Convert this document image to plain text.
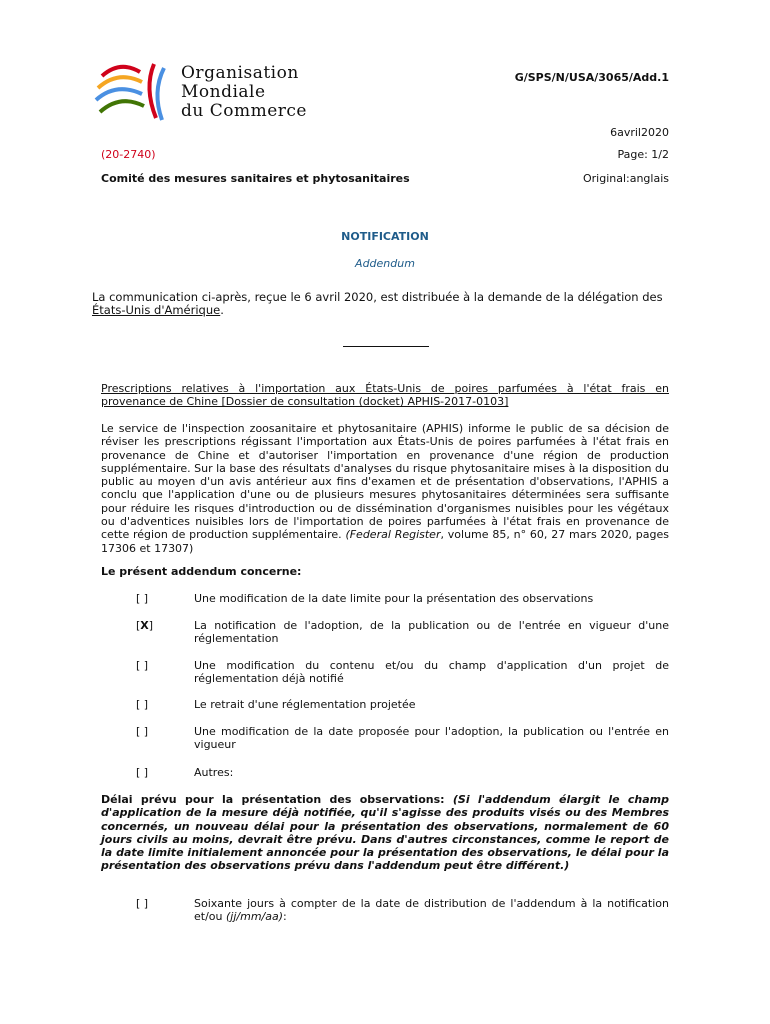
Organisation
Mondiale
du Commerce
G/SPS/N/USA/3065/Add.1
6avril2020
(20-2740)	Page: 1/2
Comité des mesures sanitaires et phytosanitaires	Original:anglais
NOTIFICATION
Addendum
La communication ci-après, reçue le 6 avril 2020, est distribuée à la demande de la délégation des
États-Unis d'Amérique.
Prescriptions relatives à l'importation aux États-Unis de poires parfumées à l'état frais en
provenance de Chine [Dossier de consultation (docket) APHIS-2017-0103]
Le service de l'inspection zoosanitaire et phytosanitaire (APHIS) informe le public de sa décision de réviser les prescriptions régissant l'importation aux États-Unis de poires parfumées à l'état frais en provenance de Chine et d'autoriser l'importation en provenance d'une région de production supplémentaire. Sur la base des résultats d'analyses du risque phytosanitaire mises à la disposition du public au moyen d'un avis antérieur aux fins d'examen et de présentation d'observations, l'APHIS a conclu que l'application d'une ou de plusieurs mesures phytosanitaires déterminées sera suffisante pour réduire les risques d'introduction ou de dissémination d'organismes nuisibles pour les végétaux ou d'adventices nuisibles lors de l'importation de poires parfumées à l'état frais en provenance de cette région de production supplémentaire. (Federal Register, volume 85, n° 60, 27 mars 2020, pages 17306 et 17307)
Le présent addendum concerne:
[ ]	Une modification de la date limite pour la présentation des observations
[X]	La notification de l'adoption, de la publication ou de l'entrée en vigueur d'une réglementation
[ ]	Une modification du contenu et/ou du champ d'application d'un projet de réglementation déjà notifié
[ ]	Le retrait d'une réglementation projetée
[ ]	Une modification de la date proposée pour l'adoption, la publication ou l'entrée en vigueur
[ ]	Autres:
Délai prévu pour la présentation des observations: (Si l'addendum élargit le champ d'application de la mesure déjà notifiée, qu'il s'agisse des produits visés ou des Membres concernés, un nouveau délai pour la présentation des observations, normalement de 60 jours civils au moins, devrait être prévu. Dans d'autres circonstances, comme le report de la date limite initialement annoncée pour la présentation des observations, le délai pour la présentation des observations prévu dans l'addendum peut être différent.)
[ ]	Soixante jours à compter de la date de distribution de l'addendum à la notification et/ou (jj/mm/aa):
